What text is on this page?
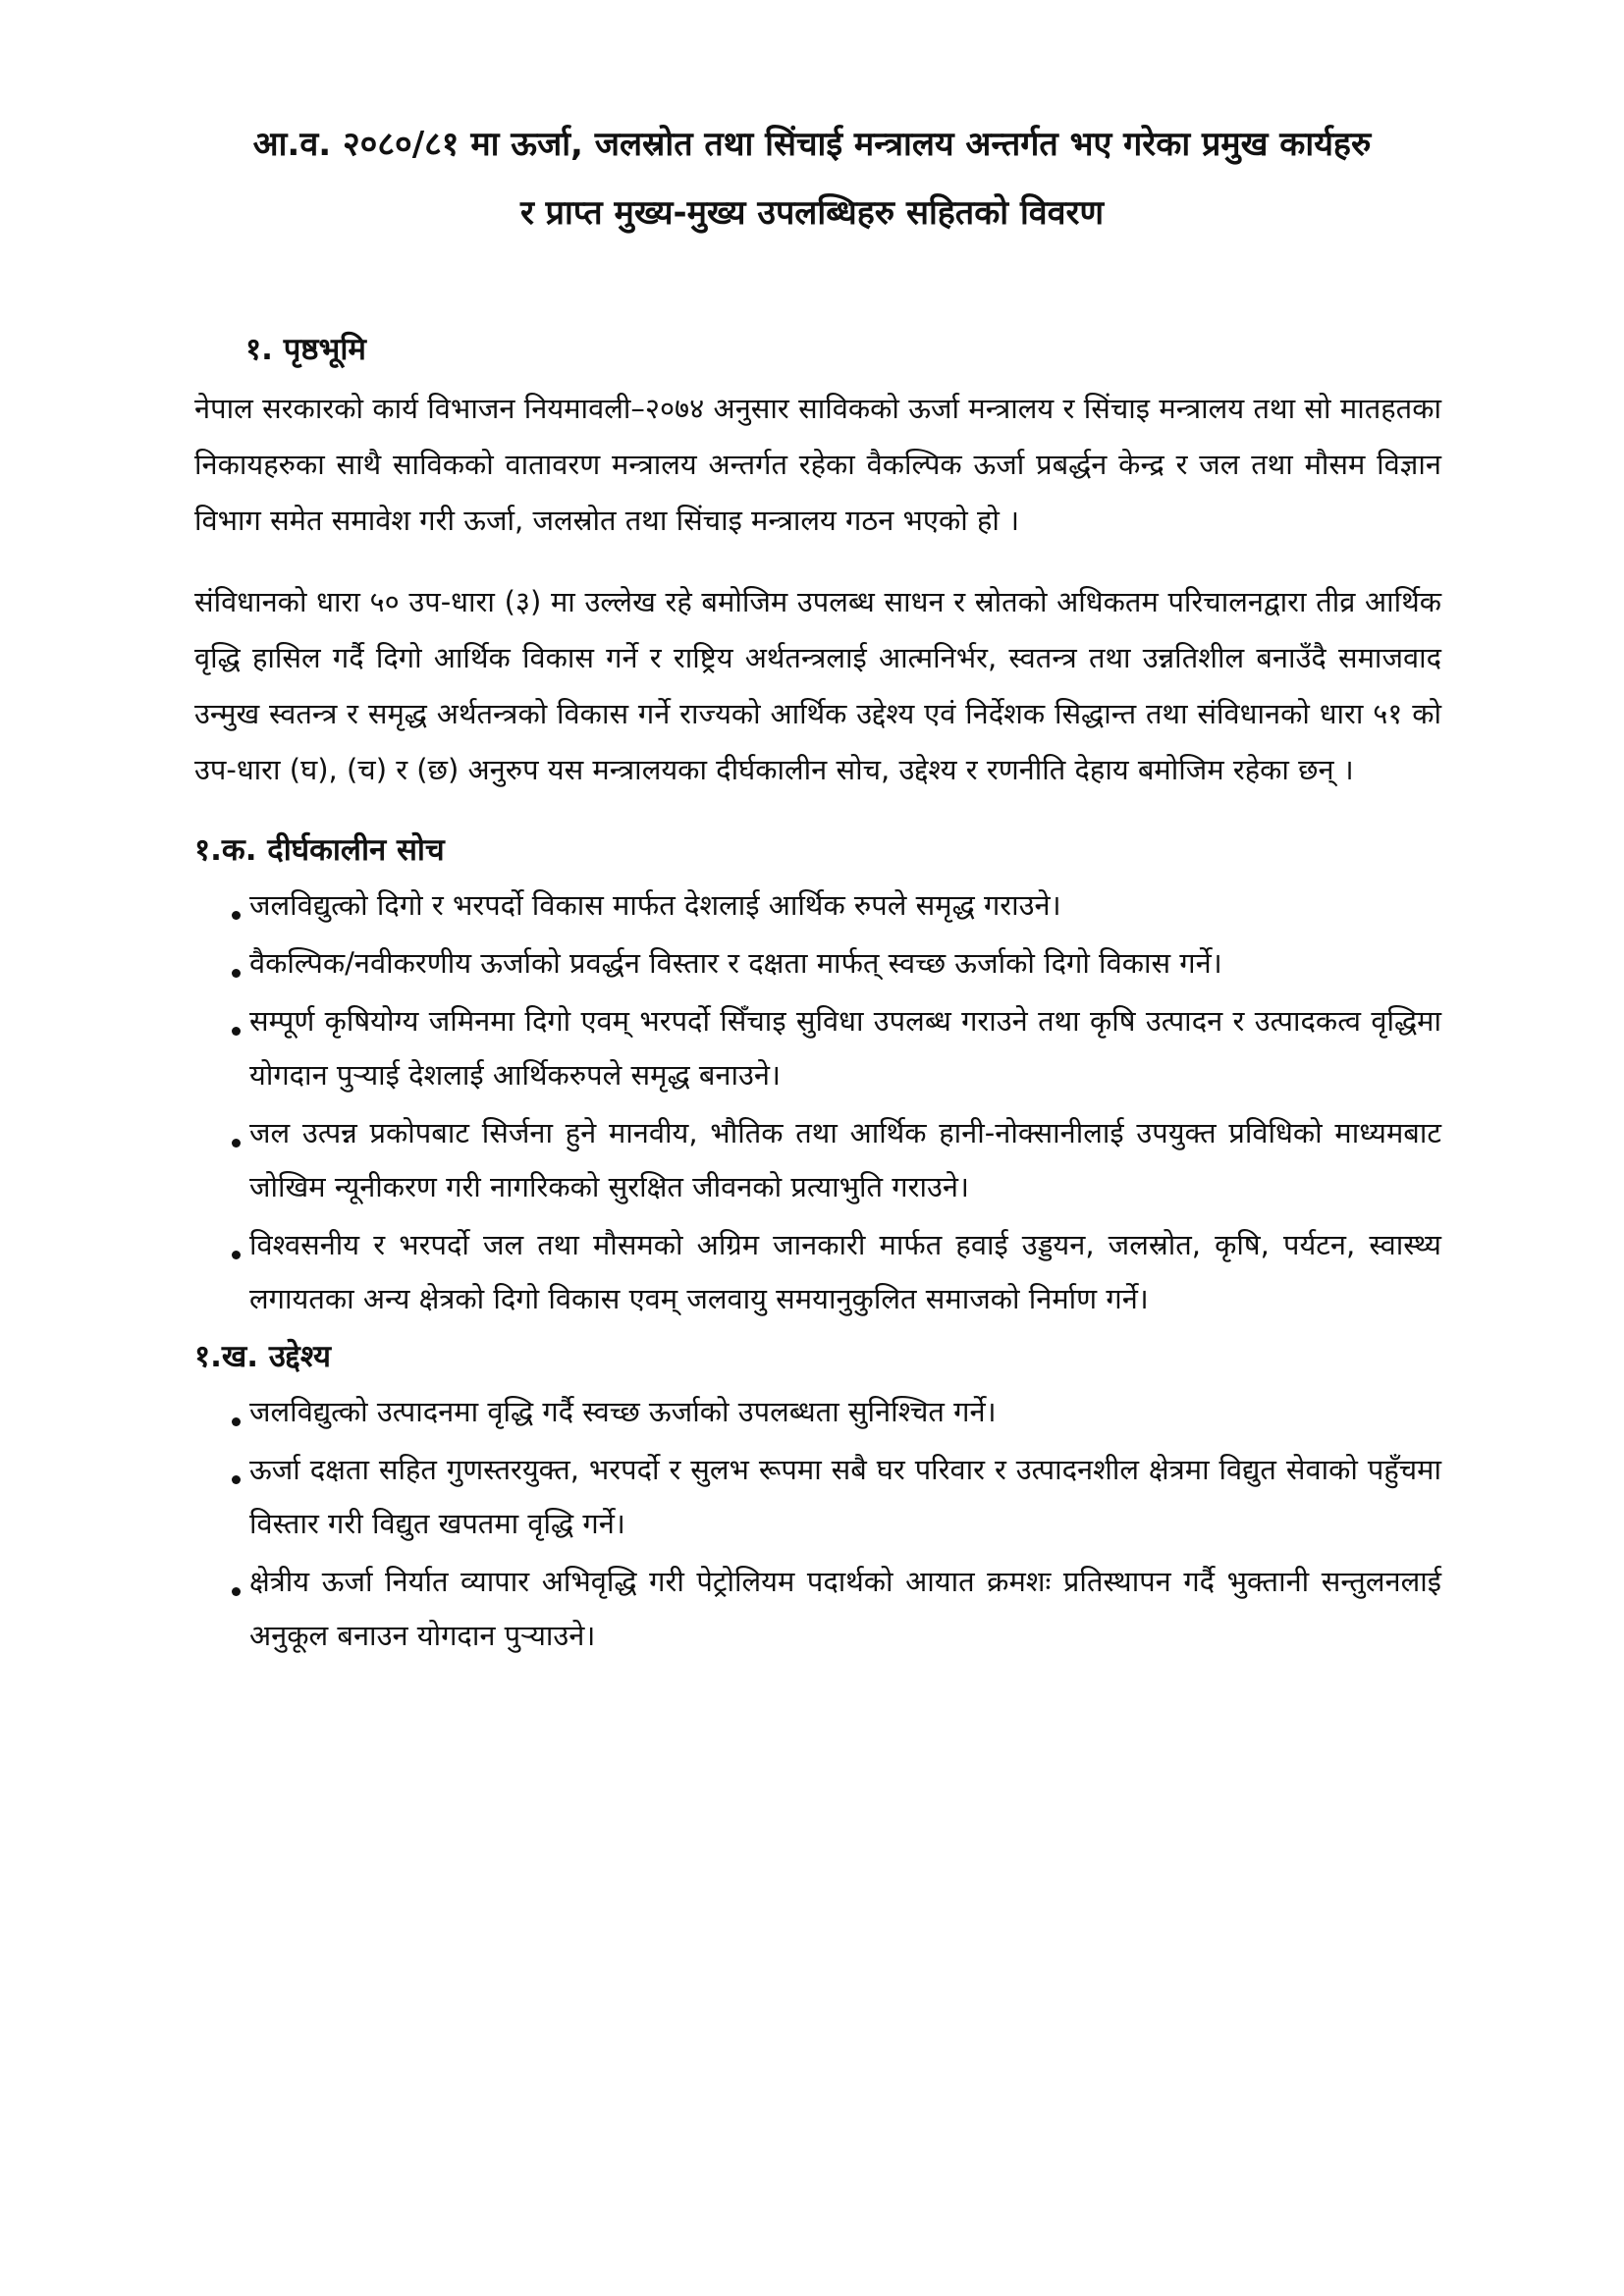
आ.व. २०८०/८१ मा ऊर्जा, जलस्रोत तथा सिंचाई मन्त्रालय अन्तर्गत भए गरेका प्रमुख कार्यहरु
र प्राप्त मुख्य-मुख्य उपलब्धिहरु सहितको विवरण
१. पृष्ठभूमि

नेपाल सरकारको कार्य विभाजन नियमावली–२०७४ अनुसार साविकको ऊर्जा मन्त्रालय र सिंचाइ मन्त्रालय तथा सो मातहतका निकायहरुका साथै साविकको वातावरण मन्त्रालय अन्तर्गत रहेका वैकल्पिक ऊर्जा प्रबर्द्धन केन्द्र र जल तथा मौसम विज्ञान विभाग समेत समावेश गरी ऊर्जा, जलस्रोत तथा सिंचाइ मन्त्रालय गठन भएको हो ।

संविधानको धारा ५० उप-धारा (३) मा उल्लेख रहे बमोजिम उपलब्ध साधन र स्रोतको अधिकतम परिचालनद्वारा तीव्र आर्थिक वृद्धि हासिल गर्दै दिगो आर्थिक विकास गर्ने र राष्ट्रिय अर्थतन्त्रलाई आत्मनिर्भर, स्वतन्त्र तथा उन्नतिशील बनाउँदै समाजवाद उन्मुख स्वतन्त्र र समृद्ध अर्थतन्त्रको विकास गर्ने राज्यको आर्थिक उद्देश्य एवं निर्देशक सिद्धान्त तथा संविधानको धारा ५१ को उप-धारा (घ), (च) र (छ) अनुरुप यस मन्त्रालयका दीर्घकालीन सोच, उद्देश्य र रणनीति देहाय बमोजिम रहेका छन् ।

१.क. दीर्घकालीन सोच
जलविद्युत्को दिगो र भरपर्दो विकास मार्फत देशलाई आर्थिक रुपले समृद्ध गराउने।
वैकल्पिक/नवीकरणीय ऊर्जाको प्रवर्द्धन विस्तार र दक्षता मार्फत् स्वच्छ ऊर्जाको दिगो विकास गर्ने।
सम्पूर्ण कृषियोग्य जमिनमा दिगो एवम् भरपर्दो सिँचाइ सुविधा उपलब्ध गराउने तथा कृषि उत्पादन र उत्पादकत्व वृद्धिमा योगदान पुर्‍याई देशलाई आर्थिकरुपले समृद्ध बनाउने।
जल उत्पन्न प्रकोपबाट सिर्जना हुने मानवीय, भौतिक तथा आर्थिक हानी-नोक्सानीलाई उपयुक्त प्रविधिको माध्यमबाट जोखिम न्यूनीकरण गरी नागरिकको सुरक्षित जीवनको प्रत्याभुति गराउने।
विश्वसनीय र भरपर्दो जल तथा मौसमको अग्रिम जानकारी मार्फत हवाई उड्डयन, जलस्रोत, कृषि, पर्यटन, स्वास्थ्य लगायतका अन्य क्षेत्रको दिगो विकास एवम् जलवायु समयानुकुलित समाजको निर्माण गर्ने।
१.ख. उद्देश्य
जलविद्युत्को उत्पादनमा वृद्धि गर्दै स्वच्छ ऊर्जाको उपलब्धता सुनिश्चित गर्ने।
ऊर्जा दक्षता सहित गुणस्तरयुक्त, भरपर्दो र सुलभ रूपमा सबै घर परिवार र उत्पादनशील क्षेत्रमा विद्युत सेवाको पहुँचमा विस्तार गरी विद्युत खपतमा वृद्धि गर्ने।
क्षेत्रीय ऊर्जा निर्यात व्यापार अभिवृद्धि गरी पेट्रोलियम पदार्थको आयात क्रमशः प्रतिस्थापन गर्दै भुक्तानी सन्तुलनलाई अनुकूल बनाउन योगदान पुर्‍याउने।
